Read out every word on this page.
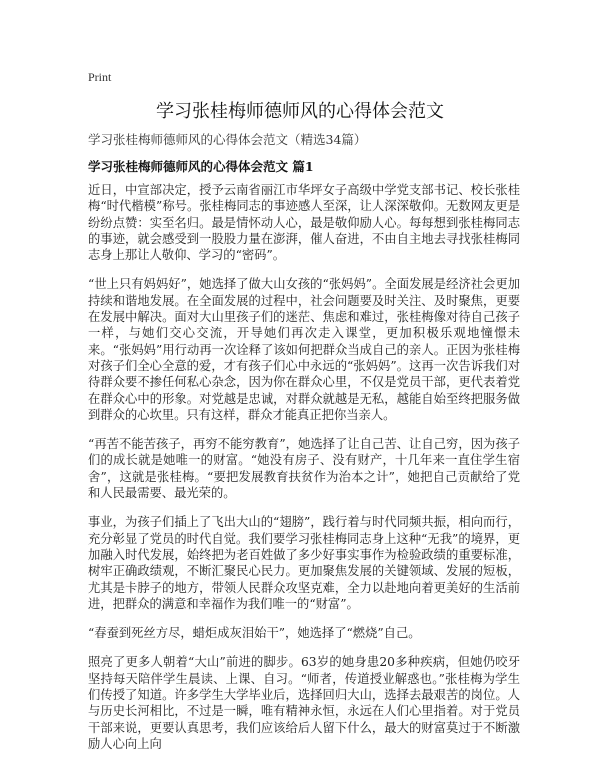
Print
学习张桂梅师德师风的心得体会范文
学习张桂梅师德师风的心得体会范文（精选34篇）
学习张桂梅师德师风的心得体会范文 篇1

近日，中宣部决定，授予云南省丽江市华坪女子高级中学党支部书记、校长张桂梅“时代楷模”称号。张桂梅同志的事迹感人至深，让人深深敬仰。无数网友更是纷纷点赞：实至名归。最是情怀动人心，最是敬仰励人心。每每想到张桂梅同志的事迹，就会感受到一股股力量在澎湃，催人奋进，不由自主地去寻找张桂梅同志身上那让人敬仰、学习的“密码”。

“世上只有妈妈好”，她选择了做大山女孩的“张妈妈”。全面发展是经济社会更加持续和谐地发展。在全面发展的过程中，社会问题要及时关注、及时聚焦，更要在发展中解决。面对大山里孩子们的迷茫、焦虑和难过，张桂梅像对待自己孩子一样，与她们交心交流，开导她们再次走入课堂，更加积极乐观地憧憬未来。“张妈妈”用行动再一次诠释了该如何把群众当成自己的亲人。正因为张桂梅对孩子们全心全意的爱，才有孩子们心中永远的“张妈妈”。这再一次告诉我们对待群众要不掺任何私心杂念，因为你在群众心里，不仅是党员干部，更代表着党在群众心中的形象。对党越是忠诚，对群众就越是无私，越能自始至终把服务做到群众的心坎里。只有这样，群众才能真正把你当亲人。

“再苦不能苦孩子，再穷不能穷教育”，她选择了让自己苦、让自己穷，因为孩子们的成长就是她唯一的财富。“她没有房子、没有财产，十几年来一直住学生宿舍”，这就是张桂梅。“要把发展教育扶贫作为治本之计”，她把自己贡献给了党和人民最需要、最光荣的。

事业，为孩子们插上了飞出大山的“翅膀”，践行着与时代同频共振，相向而行，充分彰显了党员的时代自觉。我们要学习张桂梅同志身上这种“无我”的境界，更加融入时代发展，始终把为老百姓做了多少好事实事作为检验政绩的重要标准，树牢正确政绩观，不断汇聚民心民力。更加聚焦发展的关键领域、发展的短板，尤其是卡脖子的地方，带领人民群众攻坚克难，全力以赴地向着更美好的生活前进，把群众的满意和幸福作为我们唯一的“财富”。

“春蚕到死丝方尽，蜡炬成灰泪始干”，她选择了“燃烧”自己。

照亮了更多人朝着“大山”前进的脚步。63岁的她身患20多种疾病，但她仍咬牙坚持每天陪伴学生晨读、上课、自习。“师者，传道授业解惑也。”张桂梅为学生们传授了知道。许多学生大学毕业后，选择回归大山，选择去最艰苦的岗位。人与历史长河相比，不过是一瞬，唯有精神永恒，永远在人们心里指着。对于党员干部来说，更要认真思考，我们应该给后人留下什么，最大的财富莫过于不断激励人心向上向
